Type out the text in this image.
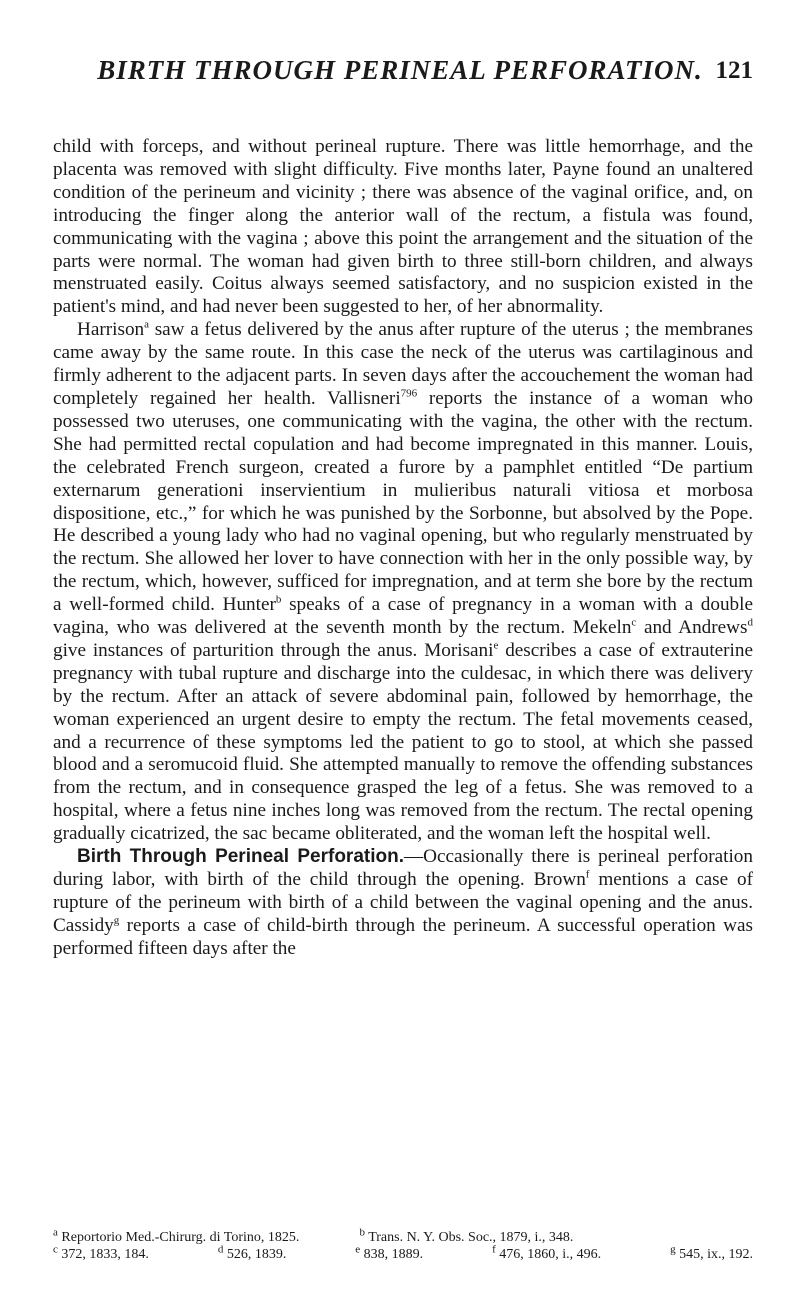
BIRTH THROUGH PERINEAL PERFORATION. 121

child with forceps, and without perineal rupture. There was little hemorrhage, and the placenta was removed with slight difficulty. Five months later, Payne found an unaltered condition of the perineum and vicinity ; there was absence of the vaginal orifice, and, on introducing the finger along the anterior wall of the rectum, a fistula was found, communicating with the vagina ; above this point the arrangement and the situation of the parts were normal. The woman had given birth to three still-born children, and always menstruated easily. Coitus always seemed satisfactory, and no suspicion existed in the patient's mind, and had never been suggested to her, of her abnormality.

Harrison$^a$ saw a fetus delivered by the anus after rupture of the uterus ; the membranes came away by the same route. In this case the neck of the uterus was cartilaginous and firmly adherent to the adjacent parts. In seven days after the accouchement the woman had completely regained her health. Vallisneri$^{796}$ reports the instance of a woman who possessed two uteruses, one communicating with the vagina, the other with the rectum. She had permitted rectal copulation and had become impregnated in this manner. Louis, the celebrated French surgeon, created a furore by a pamphlet entitled “De partium externarum generationi inservientium in mulieribus naturali vitiosa et morbosa dispositione, etc.,” for which he was punished by the Sorbonne, but absolved by the Pope. He described a young lady who had no vaginal opening, but who regularly menstruated by the rectum. She allowed her lover to have connection with her in the only possible way, by the rectum, which, however, sufficed for impregnation, and at term she bore by the rectum a well-formed child. Hunter$^b$ speaks of a case of pregnancy in a woman with a double vagina, who was delivered at the seventh month by the rectum. Mekeln$^c$ and Andrews$^d$ give instances of parturition through the anus. Morisani$^e$ describes a case of extrauterine pregnancy with tubal rupture and discharge into the culdesac, in which there was delivery by the rectum. After an attack of severe abdominal pain, followed by hemorrhage, the woman experienced an urgent desire to empty the rectum. The fetal movements ceased, and a recurrence of these symptoms led the patient to go to stool, at which she passed blood and a seromucoid fluid. She attempted manually to remove the offending substances from the rectum, and in consequence grasped the leg of a fetus. She was removed to a hospital, where a fetus nine inches long was removed from the rectum. The rectal opening gradually cicatrized, the sac became obliterated, and the woman left the hospital well.

Birth Through Perineal Perforation.—Occasionally there is perineal perforation during labor, with birth of the child through the opening. Brown$^f$ mentions a case of rupture of the perineum with birth of a child between the vaginal opening and the anus. Cassidy$^g$ reports a case of child-birth through the perineum. A successful operation was performed fifteen days after the

$^a$ Reportorio Med.-Chirurg. di Torino, 1825.	$^b$ Trans. N. Y. Obs. Soc., 1879, i., 348.
$^c$ 372, 1833, 184.	$^d$ 526, 1839.	$^e$ 838, 1889.	$^f$ 476, 1860, i., 496.	$^g$ 545, ix., 192.
